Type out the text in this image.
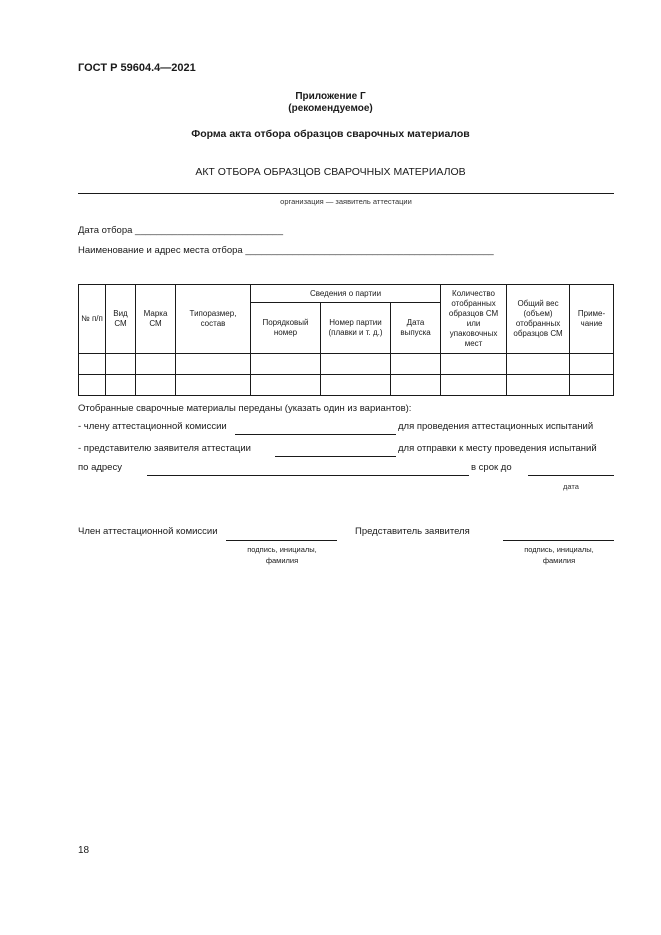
ГОСТ Р 59604.4—2021
Приложение Г
(рекомендуемое)
Форма акта отбора образцов сварочных материалов
АКТ ОТБОРА ОБРАЗЦОВ СВАРОЧНЫХ МАТЕРИАЛОВ
организация — заявитель аттестации
Дата отбора ____________________________
Наименование и адрес места отбора _______________________________________________
№ п/п	Вид СМ	Марка СМ	Типоразмер, состав	Сведения о партии			Количество отобранных образцов СМ или упаковочных мест	Общий вес (объем) отобранных образцов СМ	Приме-чание
				Порядковый номер	Номер партии (плавки и т. д.)	Дата выпуска			

Отобранные сварочные материалы переданы (указать один из вариантов):
- члену аттестационной комиссии	для проведения аттестационных испытаний
- представителю заявителя аттестации	для отправки к месту проведения испытаний
по адресу	в срок до
дата
Член аттестационной комиссии
подпись, инициалы,
фамилия
Представитель заявителя
подпись, инициалы,
фамилия
18
